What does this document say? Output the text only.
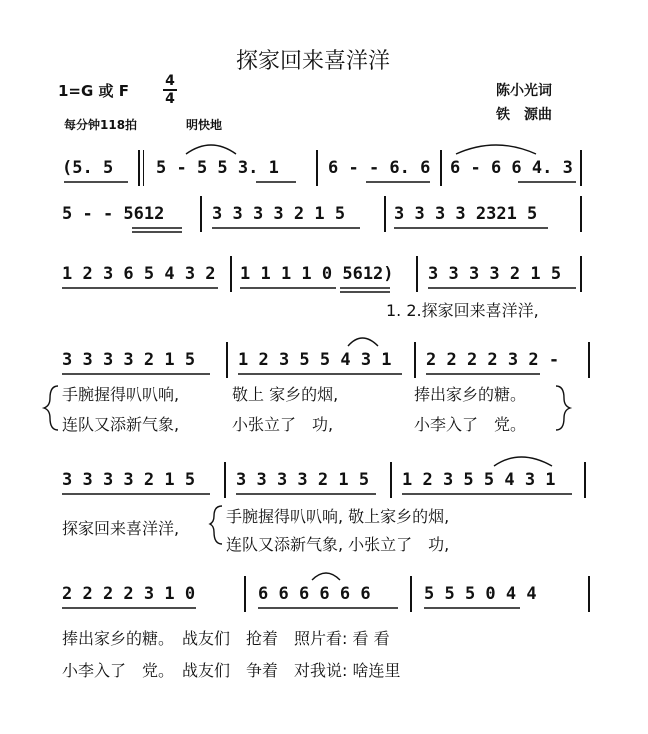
探家回来喜洋洋
1=G 或 F
4
4
每分钟118拍	明快地
陈小光词
铁　源曲
(5. 5	5 - 5 5 3. 1	6 - - 6. 6 6 - 6 6 4. 3
5 - - 5612	3 3 3 3 2 1 5	3 3 3 3 2321 5
1 2 3 6 5 4 3 2 1 1 1 1 0 5612) 3 3 3 3 2 1 5
1. 2.探家回来喜洋洋,
3 3 3 3 2 1 5	1 2 3 5 5 4 3 1 2 2 2 2 3 2 -
手腕握得叭叭响,	敬上 家乡的烟,	捧出家乡的糖。
连队又添新气象,	小张立了　功,	小李入了　党。
3 3 3 3 2 1 5 3 3 3 3 2 1 5 1 2 3 5 5 4 3 1
探家回来喜洋洋,
手腕握得叭叭响, 敬上家乡的烟,
连队又添新气象, 小张立了　功,
2 2 2 2 3 1 0	6 6 6 6 6 6	5 5 5 0 4 4
捧出家乡的糖。　战友们　抢着　照片看: 看 看
小李入了　党。　战友们　争着　对我说: 啥连里
